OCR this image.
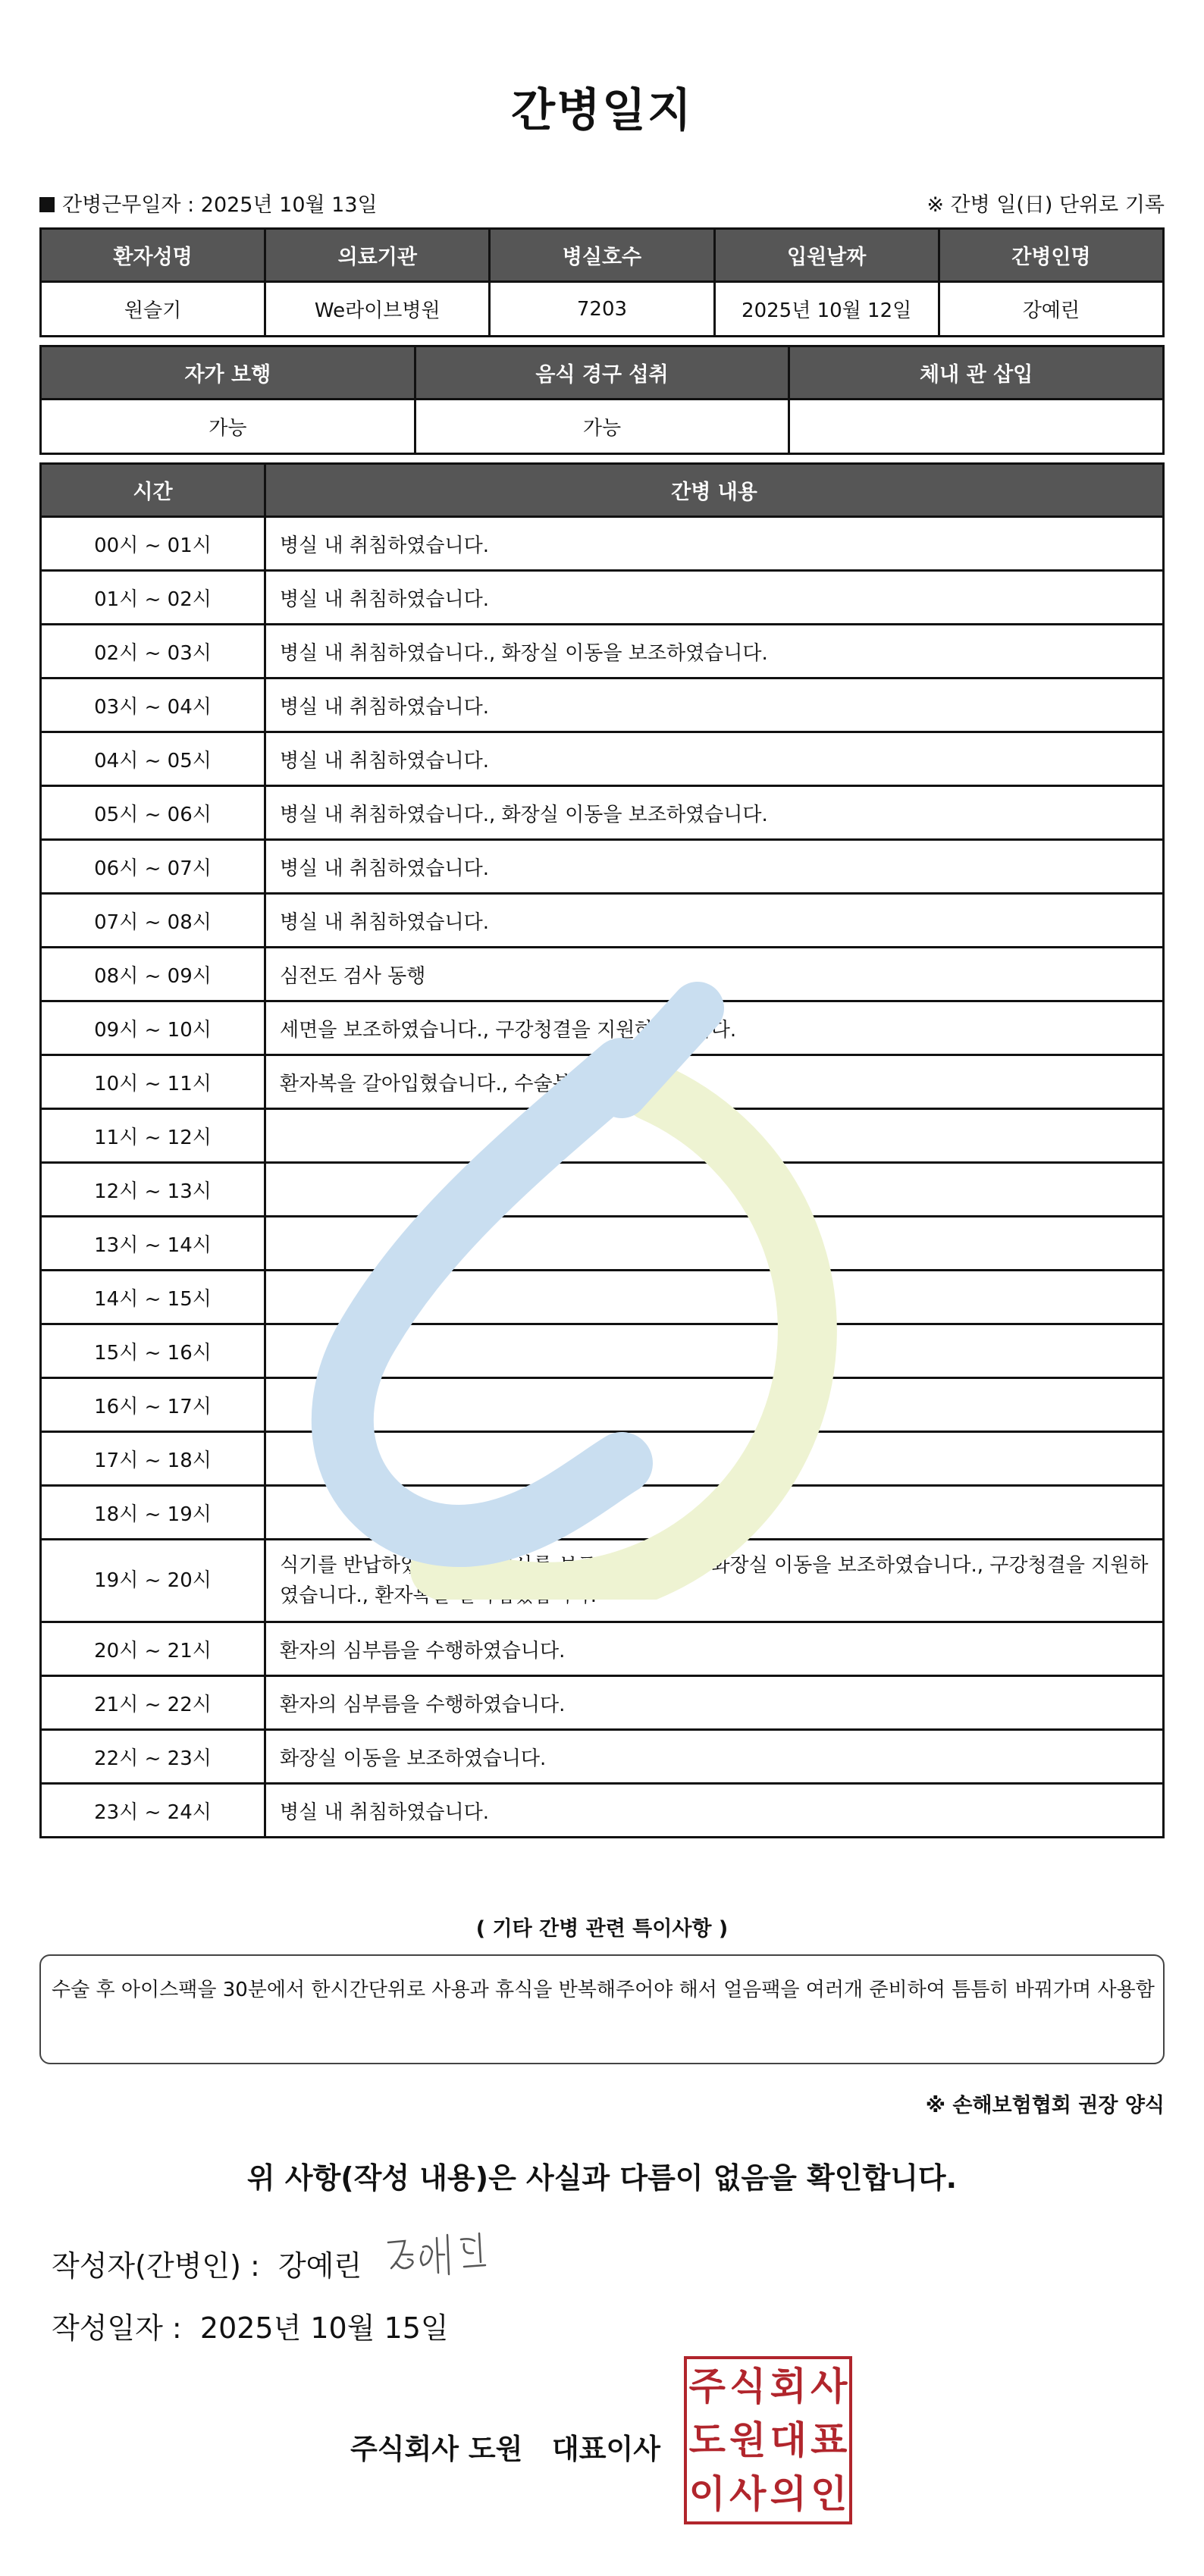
간병일지
간병근무일자 : 2025년 10월 13일	※ 간병 일(日) 단위로 기록
환자성명	의료기관	병실호수	입원날짜	간병인명
원슬기	We라이브병원	7203	2025년 10월 12일	강예린
자가 보행	음식 경구 섭취	체내 관 삽입
가능	가능	
시간	간병 내용
00시 ~ 01시	병실 내 취침하였습니다.
01시 ~ 02시	병실 내 취침하였습니다.
02시 ~ 03시	병실 내 취침하였습니다., 화장실 이동을 보조하였습니다.
03시 ~ 04시	병실 내 취침하였습니다.
04시 ~ 05시	병실 내 취침하였습니다.
05시 ~ 06시	병실 내 취침하였습니다., 화장실 이동을 보조하였습니다.
06시 ~ 07시	병실 내 취침하였습니다.
07시 ~ 08시	병실 내 취침하였습니다.
08시 ~ 09시	심전도 검사 동행
09시 ~ 10시	세면을 보조하였습니다., 구강청결을 지원하였습니다.
10시 ~ 11시	환자복을 갈아입혔습니다., 수술복 환복
11시 ~ 12시	
12시 ~ 13시	
13시 ~ 14시	
14시 ~ 15시	
15시 ~ 16시	
16시 ~ 17시	
17시 ~ 18시	
18시 ~ 19시	
19시 ~ 20시	식기를 반납하였습니다., 식사를 보조하였습니다., 화장실 이동을 보조하였습니다., 구강청결을 지원하였습니다., 환자복을 갈아입혔습니다.
20시 ~ 21시	환자의 심부름을 수행하였습니다.
21시 ~ 22시	환자의 심부름을 수행하였습니다.
22시 ~ 23시	화장실 이동을 보조하였습니다.
23시 ~ 24시	병실 내 취침하였습니다.
( 기타 간병 관련 특이사항 )
수술 후 아이스팩을 30분에서 한시간단위로 사용과 휴식을 반복해주어야 해서 얼음팩을 여러개 준비하여 틈틈히 바꿔가며 사용함
※ 손해보험협회 권장 양식
위 사항(작성 내용)은 사실과 다름이 없음을 확인합니다.
작성자(간병인) : 강예린
작성일자 : 2025년 10월 15일
주식회사 도원   대표이사
주 식 회 사
도 원 대 표
이 사 의 인
